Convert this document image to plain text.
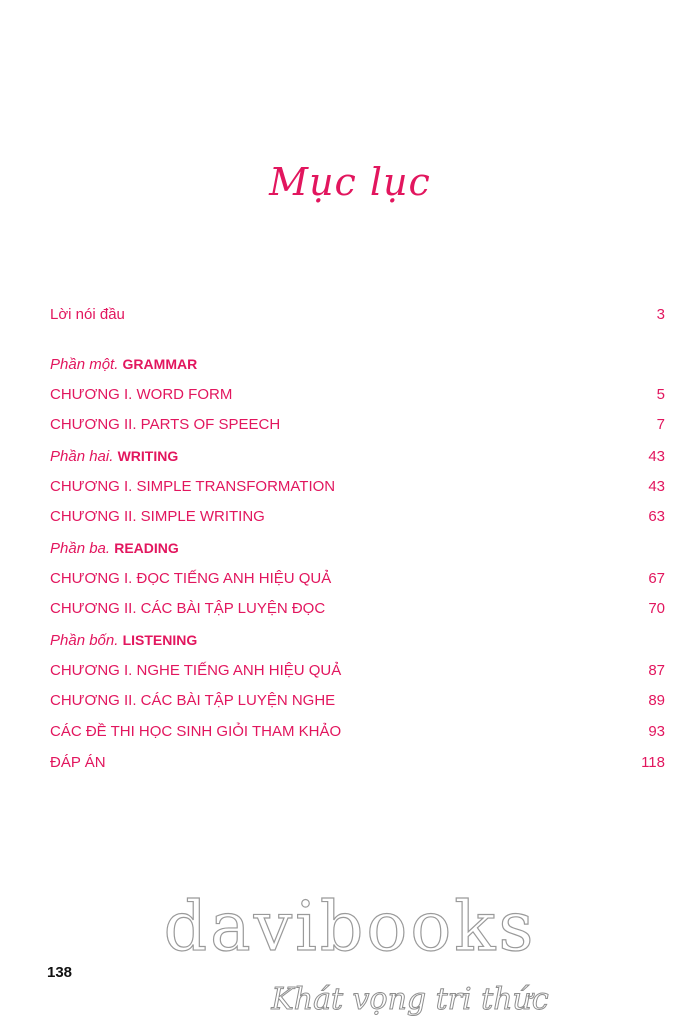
Mục lục
Lời nói đầu	3
Phần một. GRAMMAR
CHƯƠNG I. WORD FORM	5
CHƯƠNG II. PARTS OF SPEECH	7
Phần hai. WRITING	43
CHƯƠNG I. SIMPLE TRANSFORMATION	43
CHƯƠNG II. SIMPLE WRITING	63
Phần ba. READING
CHƯƠNG I. ĐỌC TIẾNG ANH HIỆU QUẢ	67
CHƯƠNG II. CÁC BÀI TẬP LUYỆN ĐỌC	70
Phần bốn. LISTENING
CHƯƠNG I. NGHE TIẾNG ANH HIỆU QUẢ	87
CHƯƠNG II. CÁC BÀI TẬP LUYỆN NGHE	89
CÁC ĐỀ THI HỌC SINH GIỎI THAM KHẢO	93
ĐÁP ÁN	118
138
davibooks
Khát vọng tri thức
